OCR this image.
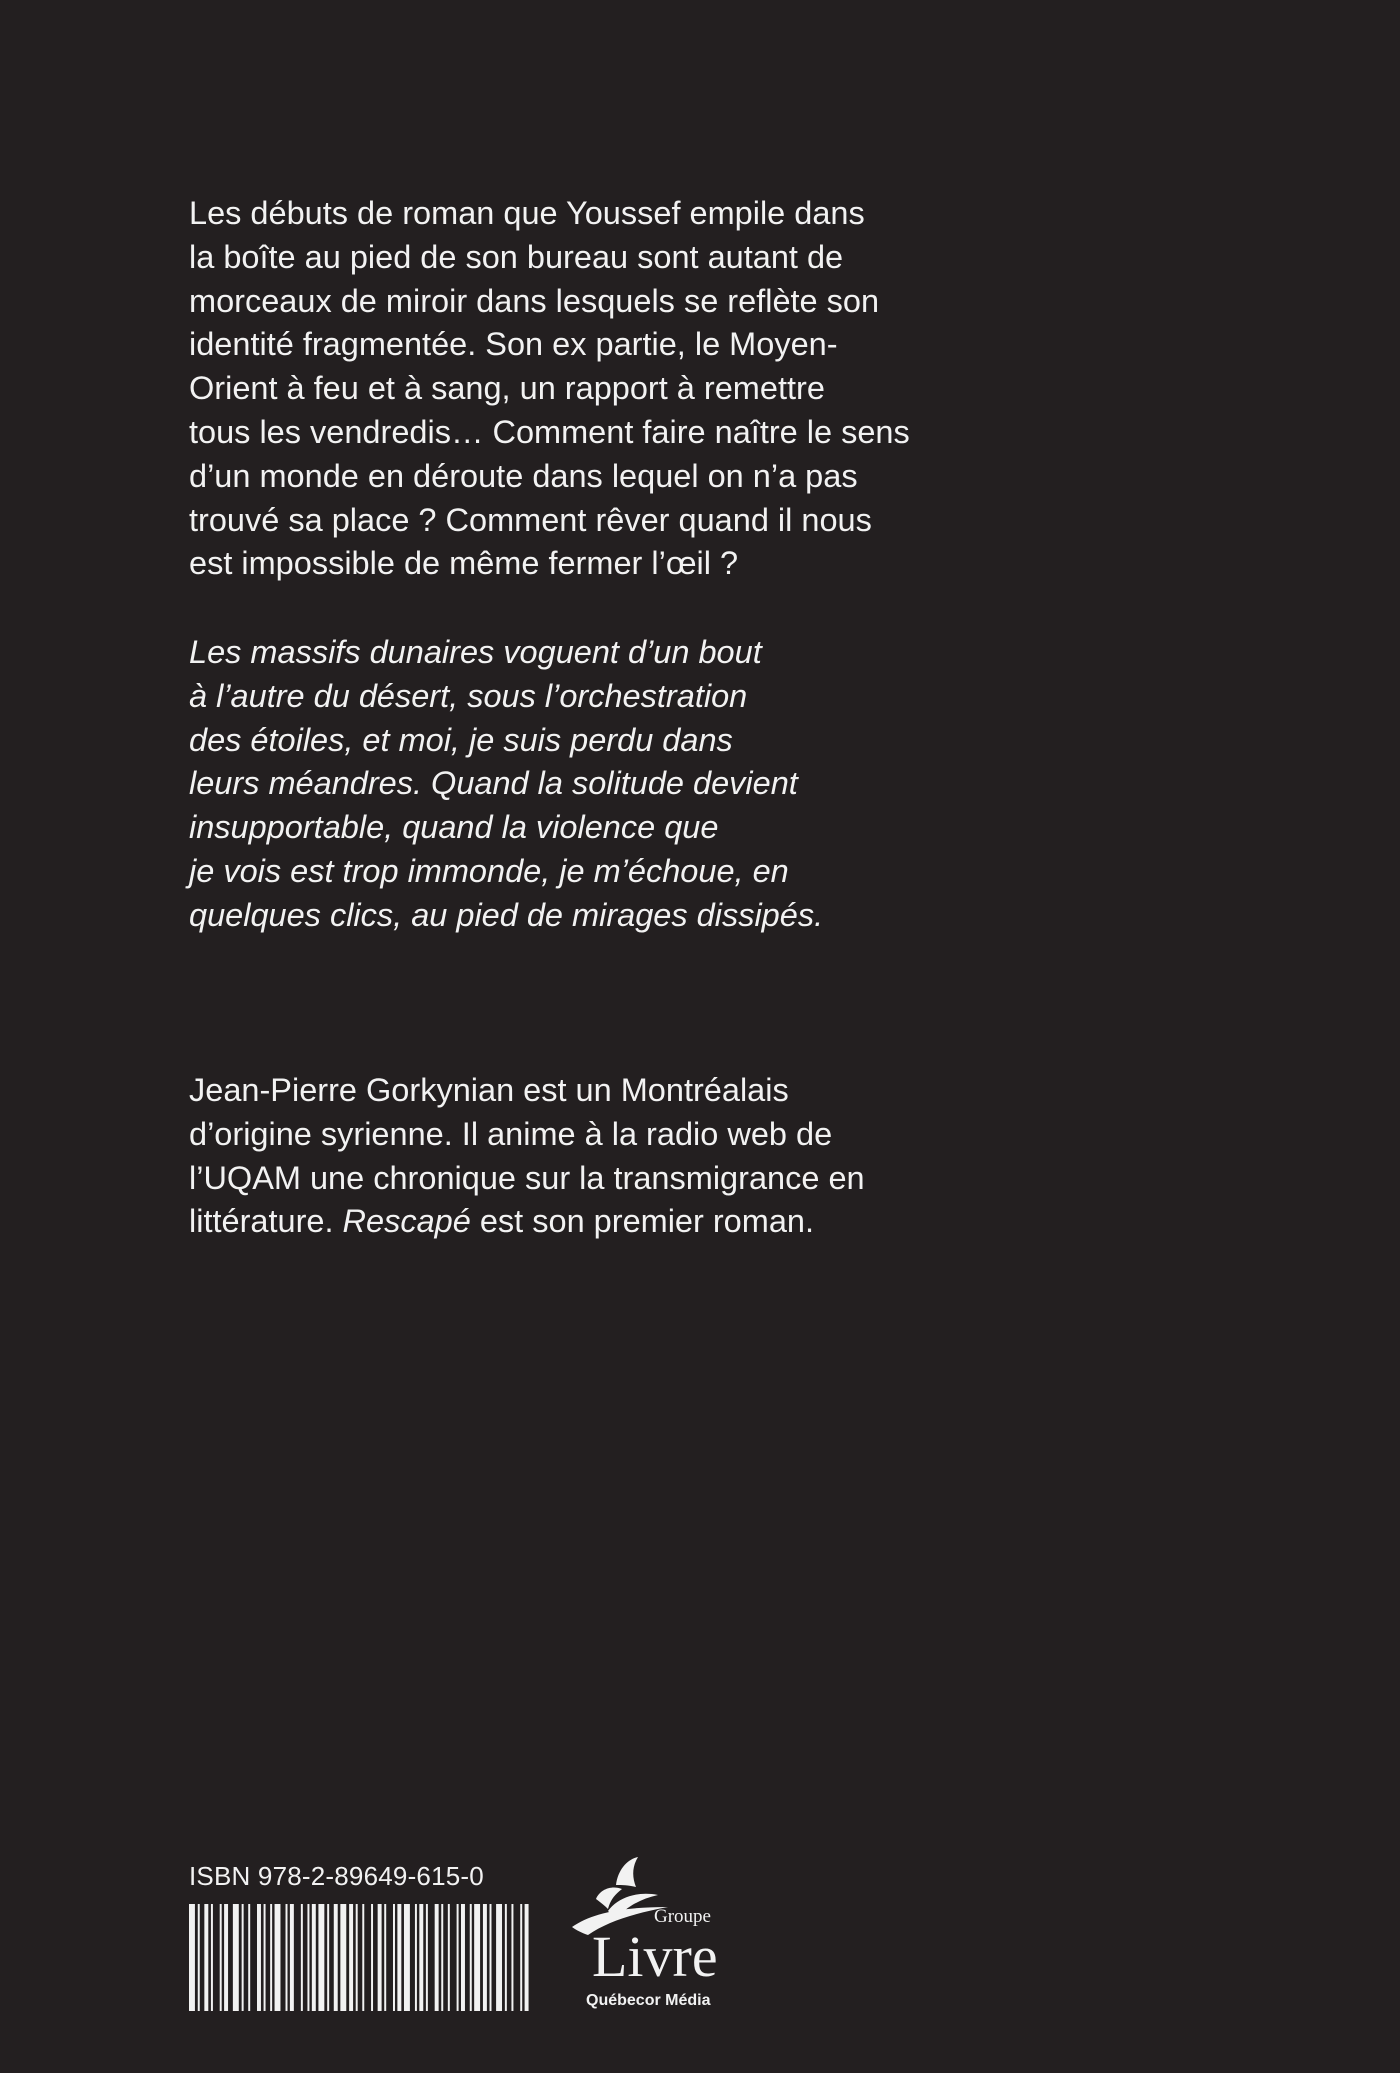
Les débuts de roman que Youssef empile dans
la boîte au pied de son bureau sont autant de
morceaux de miroir dans lesquels se reflète son
identité fragmentée. Son ex partie, le Moyen-
Orient à feu et à sang, un rapport à remettre
tous les vendredis… Comment faire naître le sens
d’un monde en déroute dans lequel on n’a pas
trouvé sa place ? Comment rêver quand il nous
est impossible de même fermer l’œil ?

Les massifs dunaires voguent d’un bout
à l’autre du désert, sous l’orchestration
des étoiles, et moi, je suis perdu dans
leurs méandres. Quand la solitude devient
insupportable, quand la violence que
je vois est trop immonde, je m’échoue, en
quelques clics, au pied de mirages dissipés.

Jean-Pierre Gorkynian est un Montréalais
d’origine syrienne. Il anime à la radio web de
l’UQAM une chronique sur la transmigrance en
littérature. Rescapé est son premier roman.

ISBN 978-2-89649-615-0
Groupe
Livre
Québecor Média
